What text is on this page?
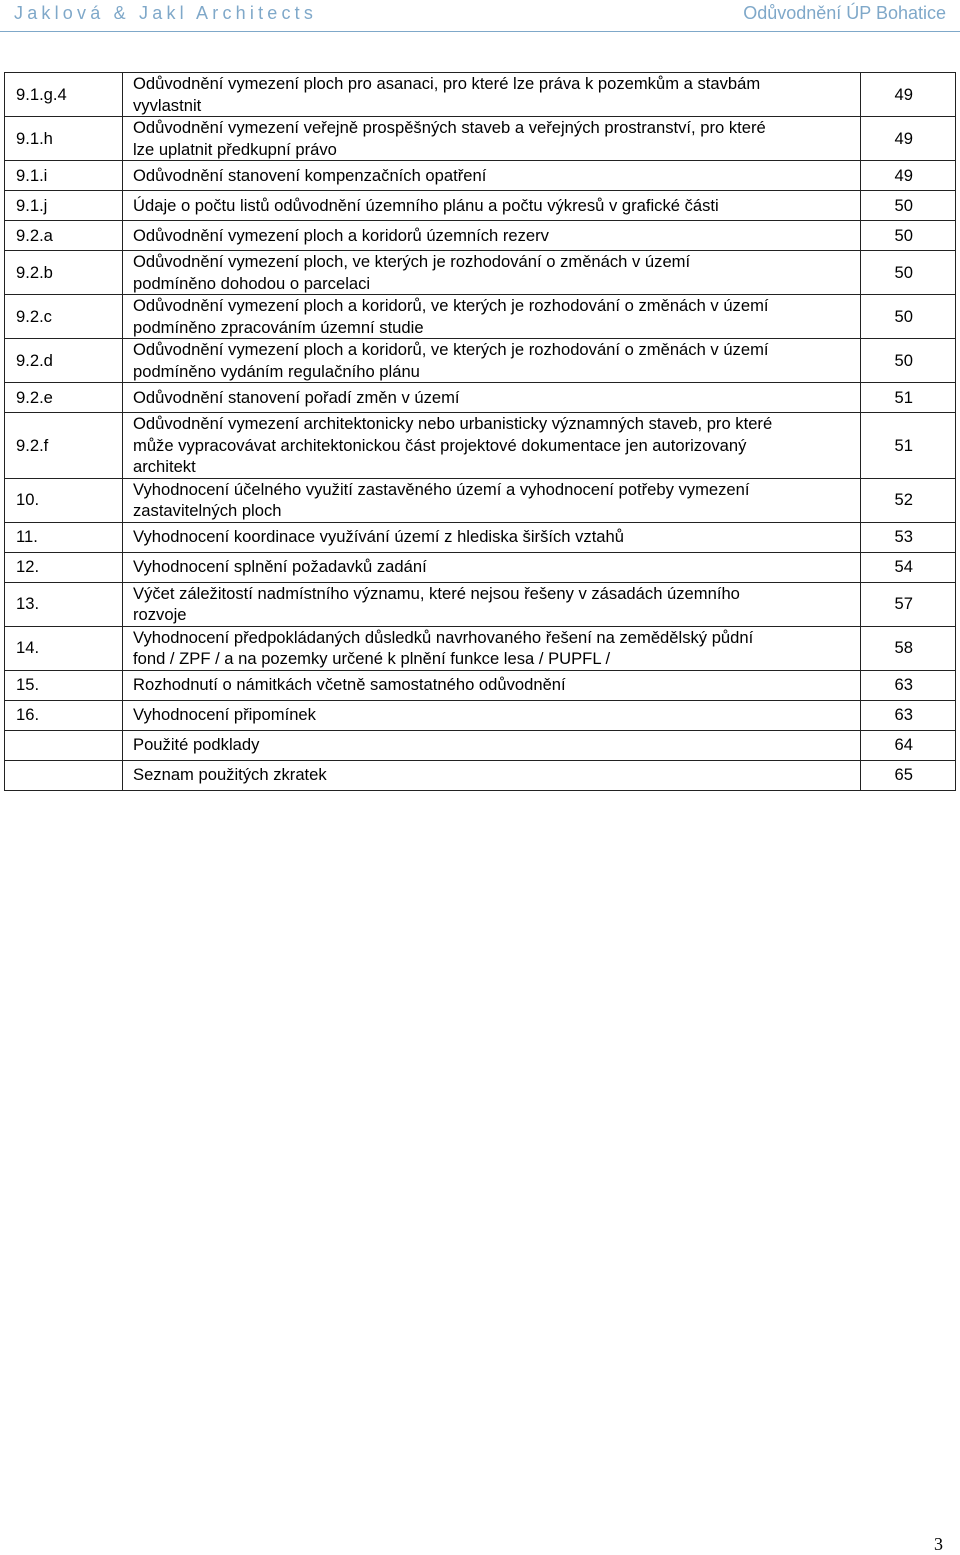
Jaklová & Jakl Architects	Odůvodnění ÚP Bohatice
9.1.g.4	Odůvodnění vymezení ploch pro asanaci, pro které lze práva k pozemkům a stavbám
vyvlastnit	49
9.1.h	Odůvodnění vymezení veřejně prospěšných staveb a veřejných prostranství, pro které
lze uplatnit předkupní právo	49
9.1.i	Odůvodnění stanovení kompenzačních opatření	49
9.1.j	Údaje o počtu listů odůvodnění územního plánu a počtu výkresů v grafické části	50
9.2.a	Odůvodnění vymezení ploch a koridorů územních rezerv	50
9.2.b	Odůvodnění vymezení ploch, ve kterých je rozhodování o změnách v území
podmíněno dohodou o parcelaci	50
9.2.c	Odůvodnění vymezení ploch a koridorů, ve kterých je rozhodování o změnách v území
podmíněno zpracováním územní studie	50
9.2.d	Odůvodnění vymezení ploch a koridorů, ve kterých je rozhodování o změnách v území
podmíněno vydáním regulačního plánu	50
9.2.e	Odůvodnění stanovení pořadí změn v území	51
9.2.f	Odůvodnění vymezení architektonicky nebo urbanisticky významných staveb, pro které
může vypracovávat architektonickou část projektové dokumentace jen autorizovaný
architekt	51
10.	Vyhodnocení účelného využití zastavěného území a vyhodnocení potřeby vymezení
zastavitelných ploch	52
11.	Vyhodnocení koordinace využívání území z hlediska širších vztahů	53
12.	Vyhodnocení splnění požadavků zadání	54
13.	Výčet záležitostí nadmístního významu, které nejsou řešeny v zásadách územního
rozvoje	57
14.	Vyhodnocení předpokládaných důsledků navrhovaného řešení na zemědělský půdní
fond / ZPF / a na pozemky určené k plnění funkce lesa / PUPFL /	58
15.	Rozhodnutí o námitkách včetně samostatného odůvodnění	63
16.	Vyhodnocení připomínek	63

	Použité podklady	64

	Seznam použitých zkratek	65
3
